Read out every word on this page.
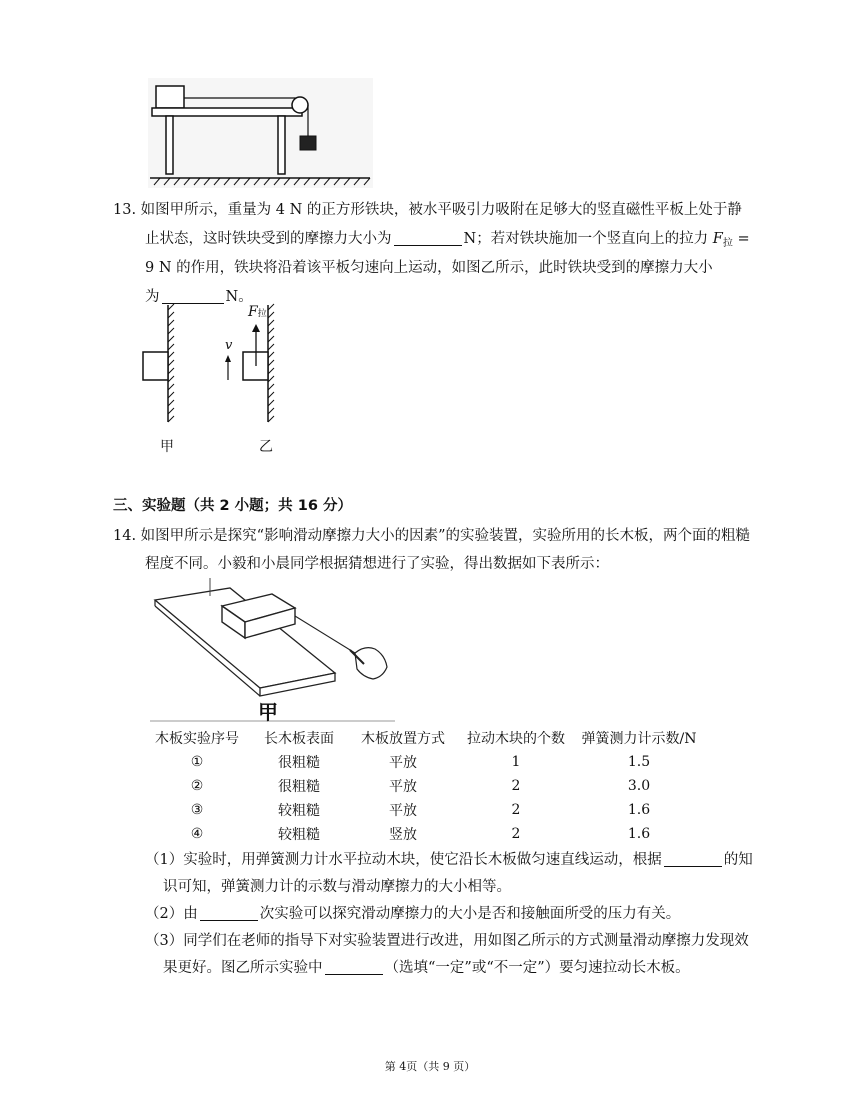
13. 如图甲所示，重量为 4 N 的正方形铁块，被水平吸引力吸附在足够大的竖直磁性平板上处于静
止状态，这时铁块受到的摩擦力大小为	N；若对铁块施加一个竖直向上的拉力 $F_拉$ =
9 N 的作用，铁块将沿着该平板匀速向上运动，如图乙所示，此时铁块受到的摩擦力大小
为	N。
v
F拉
甲	乙
三、实验题（共 2 小题；共 16 分）
14. 如图甲所示是探究“影响滑动摩擦力大小的因素”的实验装置，实验所用的长木板，两个面的粗糙
程度不同。小毅和小晨同学根据猜想进行了实验，得出数据如下表所示：
甲
木板实验序号	长木板表面	木板放置方式	拉动木块的个数	弹簧测力计示数/N
①	很粗糙	平放	1	1.5
②	很粗糙	平放	2	3.0
③	较粗糙	平放	2	1.6
④	较粗糙	竖放	2	1.6
（1）实验时，用弹簧测力计水平拉动木块，使它沿长木板做匀速直线运动，根据	的知
识可知，弹簧测力计的示数与滑动摩擦力的大小相等。
（2）由	次实验可以探究滑动摩擦力的大小是否和接触面所受的压力有关。
（3）同学们在老师的指导下对实验装置进行改进，用如图乙所示的方式测量滑动摩擦力发现效
果更好。图乙所示实验中	（选填“一定”或“不一定”）要匀速拉动长木板。
第 4页（共 9 页）
